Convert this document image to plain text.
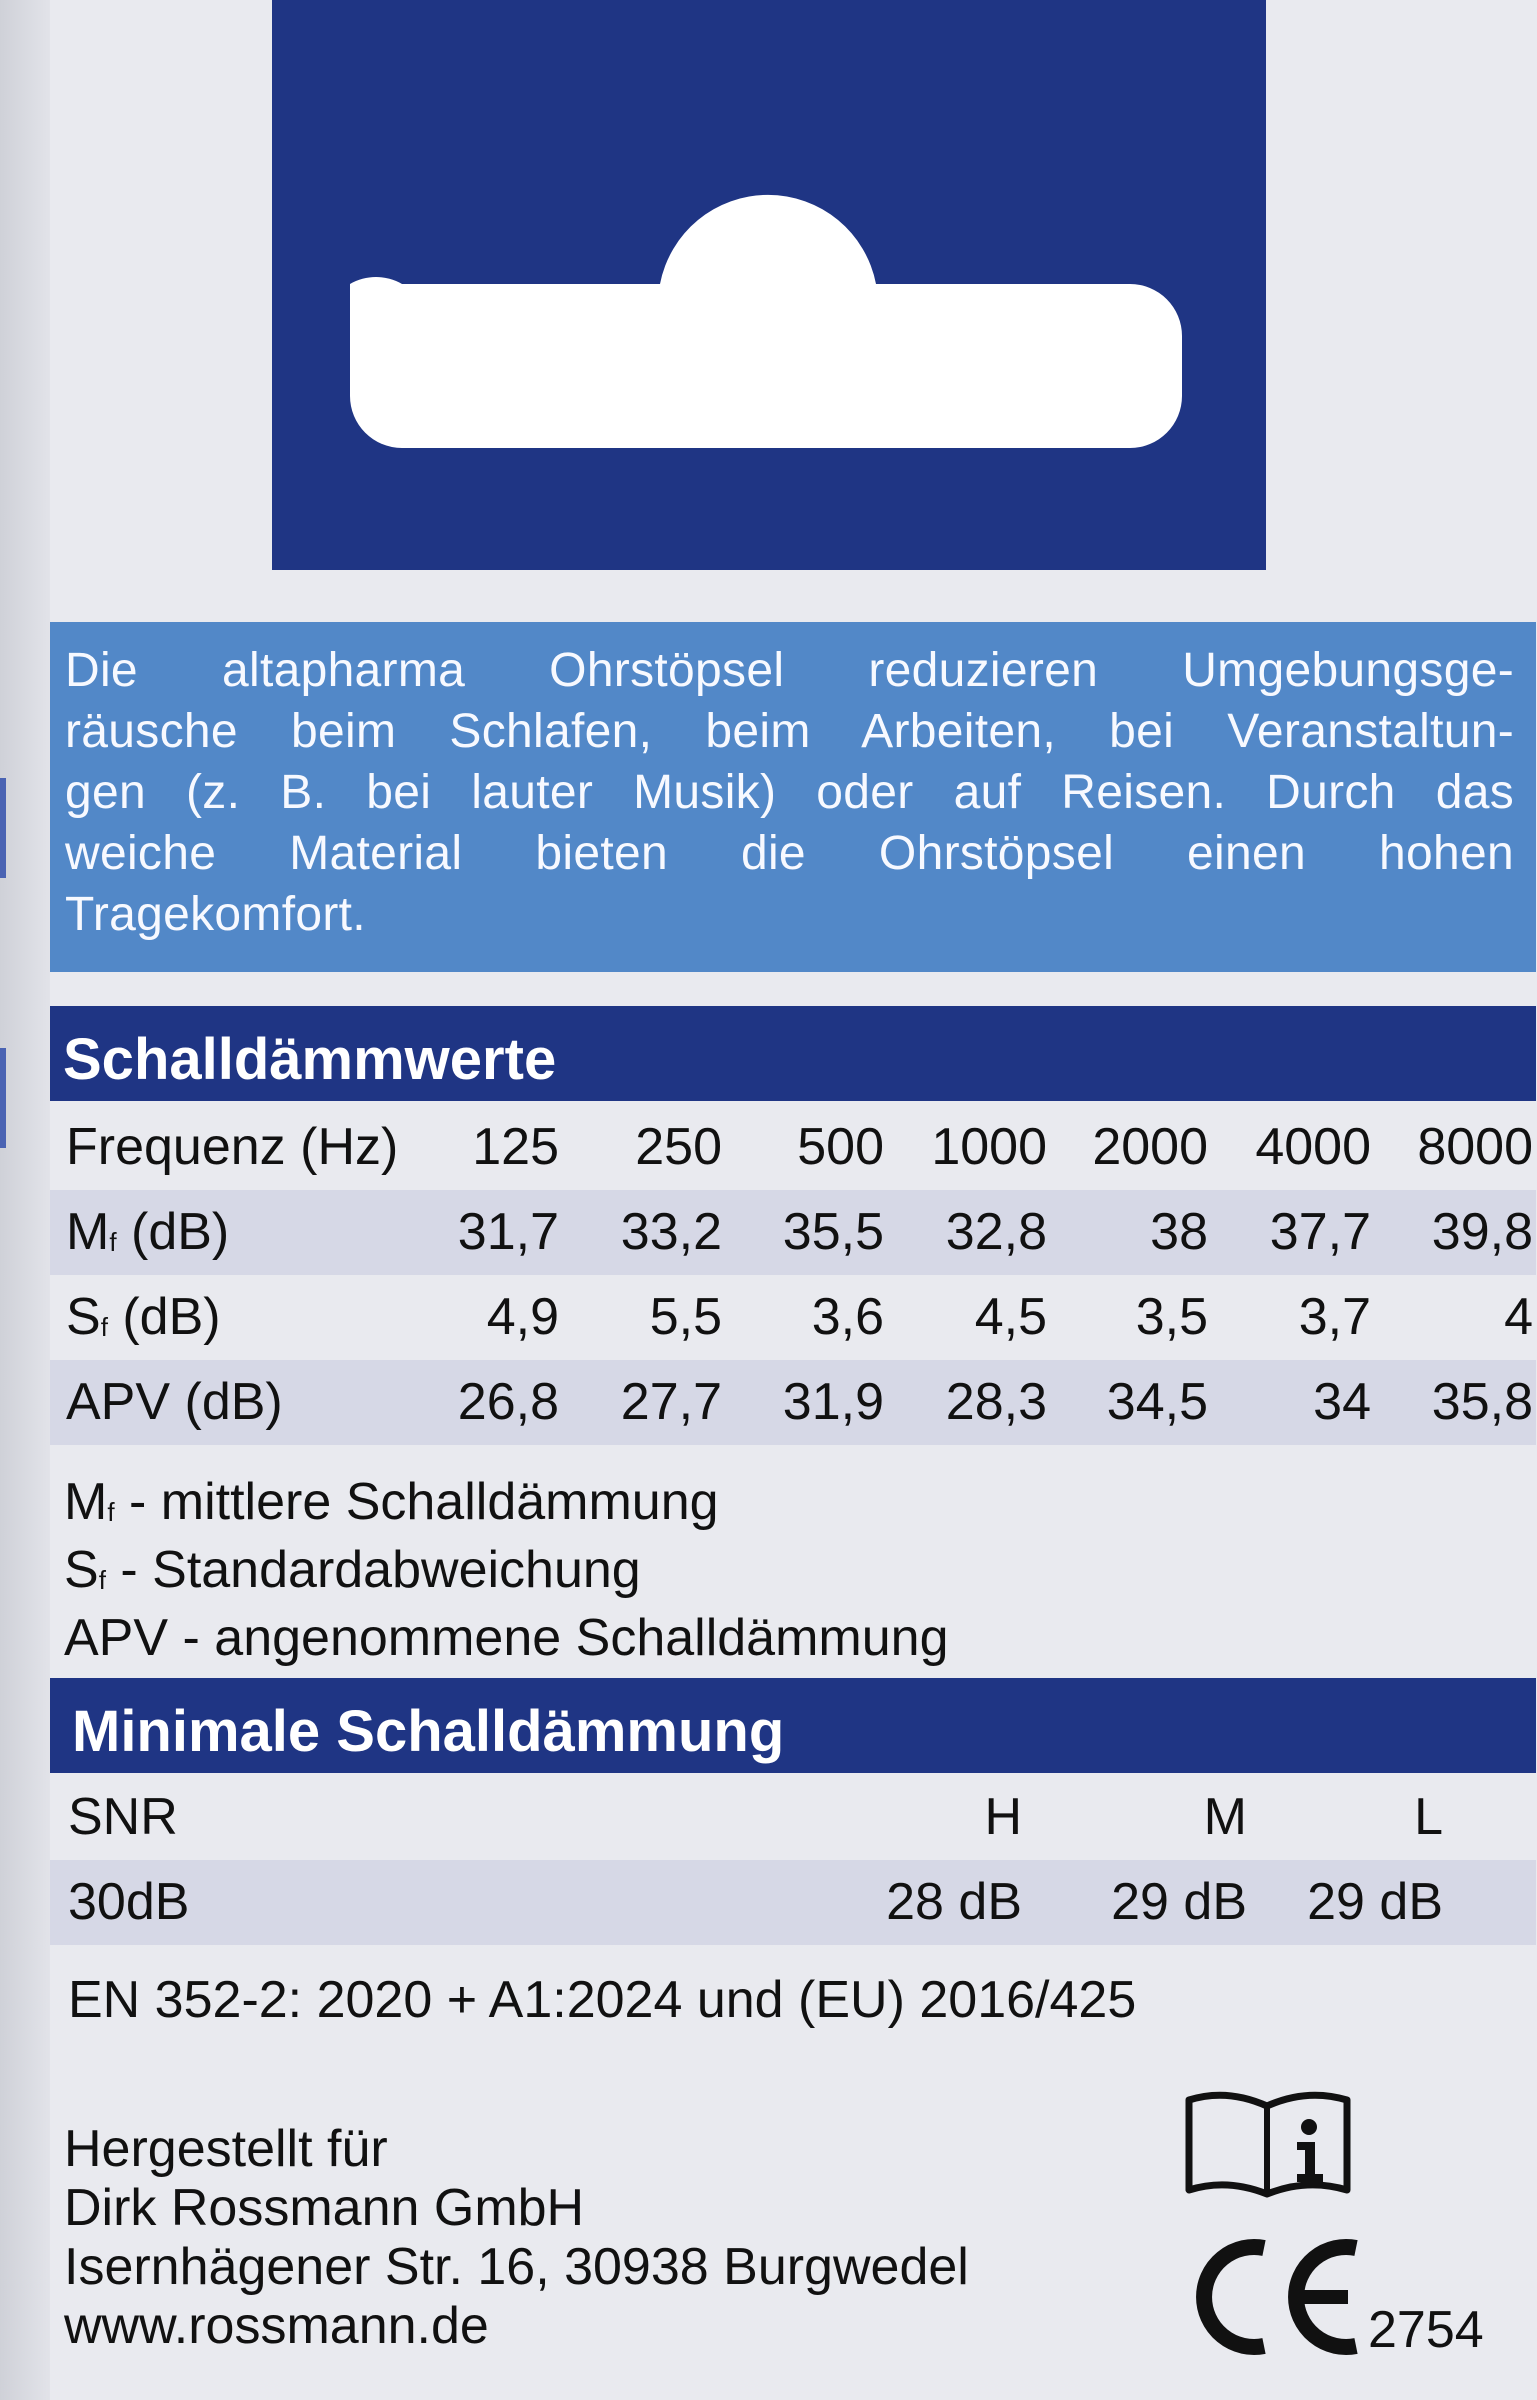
Die altapharma Ohrstöpsel reduzieren Umgebungsge-
räusche beim Schlafen, beim Arbeiten, bei Veranstaltun-
gen (z. B. bei lauter Musik) oder auf Reisen. Durch das
weiche Material bieten die Ohrstöpsel einen hohen
Tragekomfort.
Schalldämmwerte
Frequenz (Hz) 125 250 500 1000 2000 4000 8000
$M_f$ (dB)	31,7 33,2 35,5 32,8 38 37,7 39,8
$S_f$ (dB)	4,9 5,5 3,6 4,5 3,5 3,7	4
APV (dB)	26,8 27,7 31,9 28,3 34,5 34 35,8
$M_f$ - mittlere Schalldämmung
$S_f$ - Standardabweichung
APV - angenommene Schalldämmung
Minimale Schalldämmung
SNR	H	M	L
30dB	28 dB 29 dB 29 dB
EN 352-2: 2020 + A1:2024 und (EU) 2016/425
Hergestellt für
Dirk Rossmann GmbH
Isernhägener Str. 16, 30938 Burgwedel
www.rossmann.de	2754
